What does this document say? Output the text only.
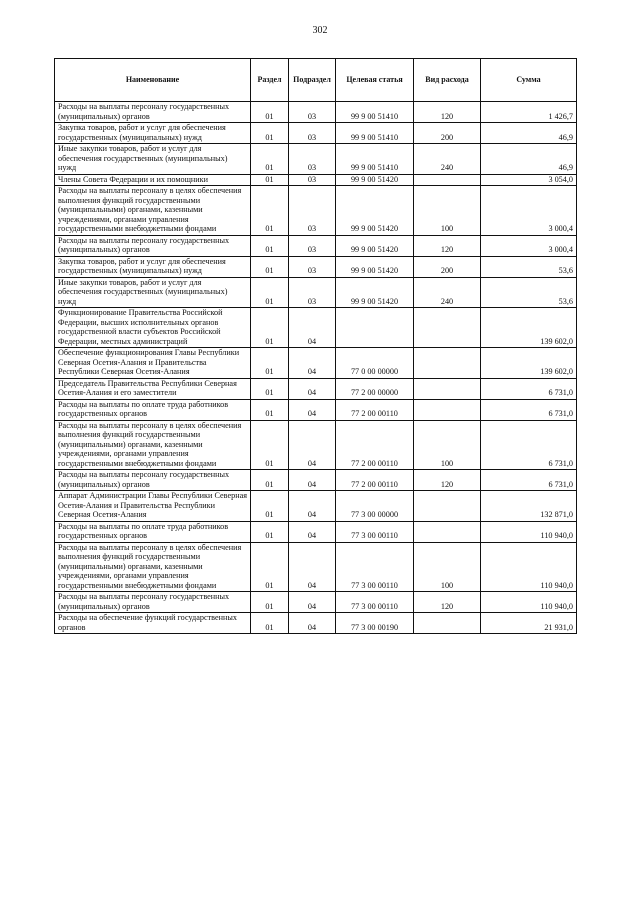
302
Наименование	Раздел	Подраздел	Целевая статья	Вид расхода	Сумма
Расходы на выплаты персоналу государственных (муниципальных) органов	01	03	99 9 00 51410	120	1 426,7
Закупка товаров, работ и услуг для обеспечения государственных (муниципальных) нужд	01	03	99 9 00 51410	200	46,9
Иные закупки товаров, работ и услуг для обеспечения государственных (муниципальных) нужд	01	03	99 9 00 51410	240	46,9
Члены Совета Федерации и их помощники	01	03	99 9 00 51420		3 054,0
Расходы на выплаты персоналу в целях обеспечения выполнения функций государственными (муниципальными) органами, казенными учреждениями, органами управления государственными внебюджетными фондами	01	03	99 9 00 51420	100	3 000,4
Расходы на выплаты персоналу государственных (муниципальных) органов	01	03	99 9 00 51420	120	3 000,4
Закупка товаров, работ и услуг для обеспечения государственных (муниципальных) нужд	01	03	99 9 00 51420	200	53,6
Иные закупки товаров, работ и услуг для обеспечения государственных (муниципальных) нужд	01	03	99 9 00 51420	240	53,6
Функционирование Правительства Российской Федерации, высших исполнительных органов государственной власти субъектов Российской Федерации, местных администраций	01	04			139 602,0
Обеспечение функционирования Главы Республики Северная Осетия-Алания и Правительства Республики Северная Осетия-Алания	01	04	77 0 00 00000		139 602,0
Председатель Правительства Республики Северная Осетия-Алания и его заместители	01	04	77 2 00 00000		6 731,0
Расходы на выплаты по оплате труда работников государственных органов	01	04	77 2 00 00110		6 731,0
Расходы на выплаты персоналу в целях обеспечения выполнения функций государственными (муниципальными) органами, казенными учреждениями, органами управления государственными внебюджетными фондами	01	04	77 2 00 00110	100	6 731,0
Расходы на выплаты персоналу государственных (муниципальных) органов	01	04	77 2 00 00110	120	6 731,0
Аппарат Администрации Главы Республики Северная Осетия-Алания и Правительства Республики Северная Осетия-Алания	01	04	77 3 00 00000		132 871,0
Расходы на выплаты по оплате труда работников государственных органов	01	04	77 3 00 00110		110 940,0
Расходы на выплаты персоналу в целях обеспечения выполнения функций государственными (муниципальными) органами, казенными учреждениями, органами управления государственными внебюджетными фондами	01	04	77 3 00 00110	100	110 940,0
Расходы на выплаты персоналу государственных (муниципальных) органов	01	04	77 3 00 00110	120	110 940,0
Расходы на обеспечение функций государственных органов	01	04	77 3 00 00190		21 931,0
